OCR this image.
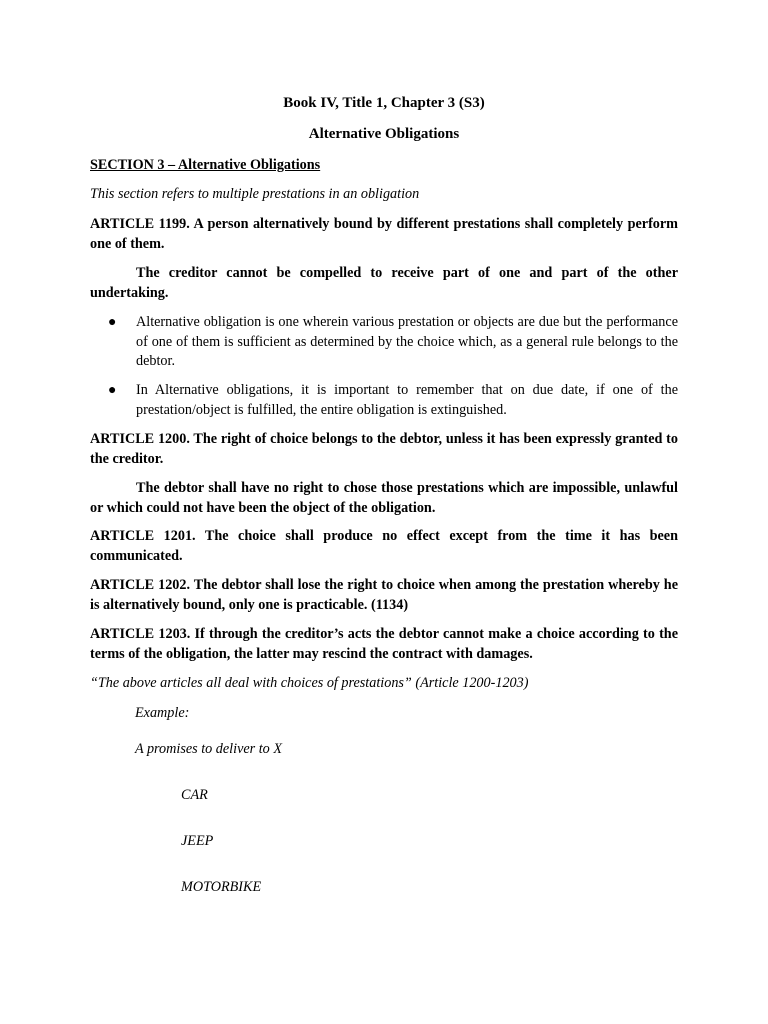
Book IV, Title 1, Chapter 3 (S3)
Alternative Obligations
SECTION 3 – Alternative Obligations
This section refers to multiple prestations in an obligation
ARTICLE 1199. A person alternatively bound by different prestations shall completely perform one of them.
The creditor cannot be compelled to receive part of one and part of the other undertaking.
●	Alternative obligation is one wherein various prestation or objects are due but the performance of one of them is sufficient as determined by the choice which, as a general rule belongs to the debtor.
●	In Alternative obligations, it is important to remember that on due date, if one of the prestation/object is fulfilled, the entire obligation is extinguished.
ARTICLE 1200. The right of choice belongs to the debtor, unless it has been expressly granted to the creditor.
The debtor shall have no right to chose those prestations which are impossible, unlawful or which could not have been the object of the obligation.
ARTICLE 1201. The choice shall produce no effect except from the time it has been communicated.
ARTICLE 1202. The debtor shall lose the right to choice when among the prestation whereby he is alternatively bound, only one is practicable. (1134)
ARTICLE 1203. If through the creditor’s acts the debtor cannot make a choice according to the terms of the obligation, the latter may rescind the contract with damages.
“The above articles all deal with choices of prestations” (Article 1200-1203)
Example:
A promises to deliver to X
CAR
JEEP
MOTORBIKE
